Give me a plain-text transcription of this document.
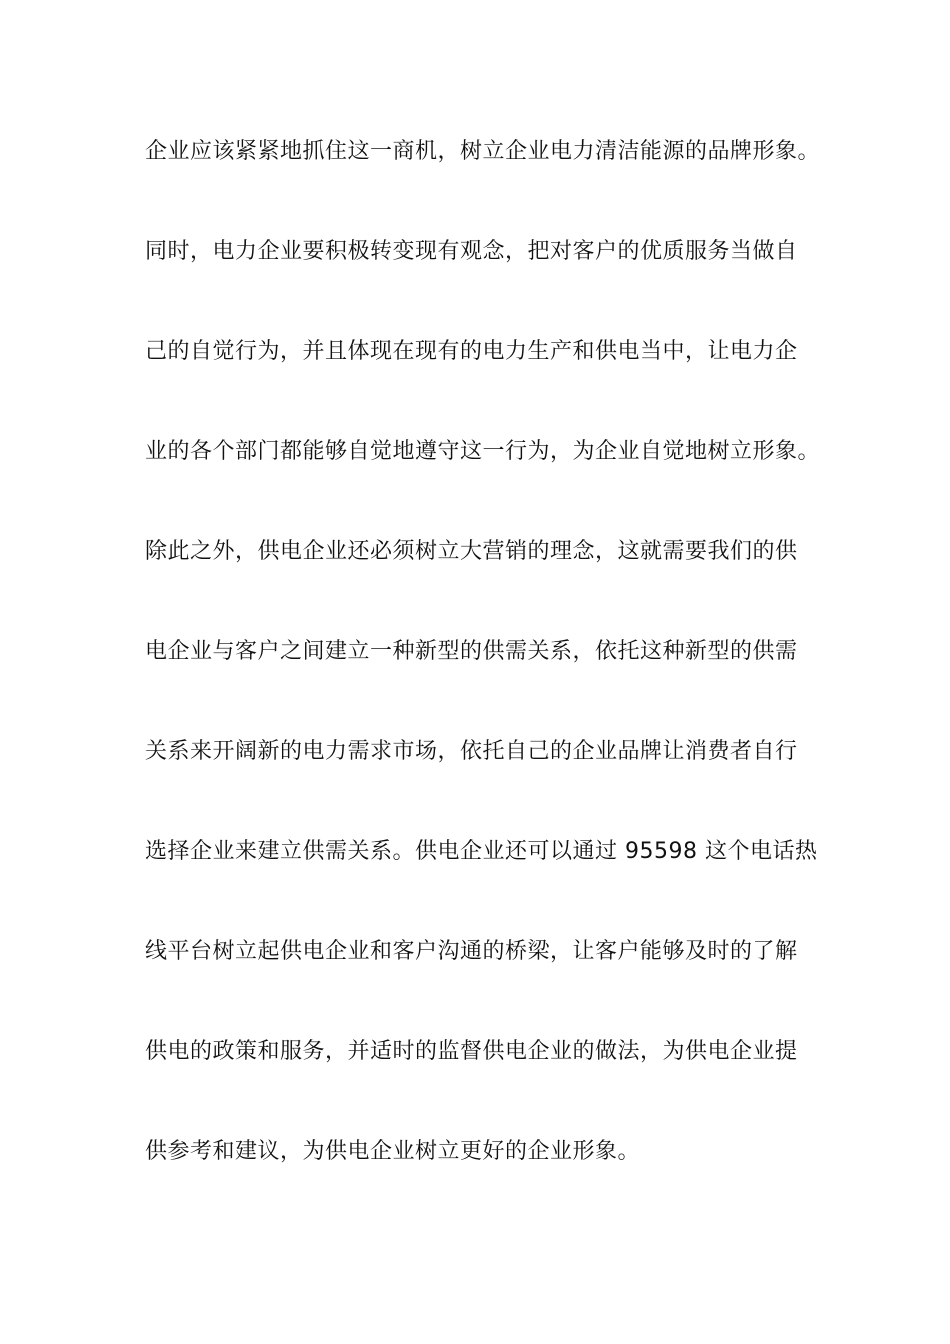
企业应该紧紧地抓住这一商机，树立企业电力清洁能源的品牌形象。
同时，电力企业要积极转变现有观念，把对客户的优质服务当做自
己的自觉行为，并且体现在现有的电力生产和供电当中，让电力企
业的各个部门都能够自觉地遵守这一行为，为企业自觉地树立形象。
除此之外，供电企业还必须树立大营销的理念，这就需要我们的供
电企业与客户之间建立一种新型的供需关系，依托这种新型的供需
关系来开阔新的电力需求市场，依托自己的企业品牌让消费者自行
选择企业来建立供需关系。供电企业还可以通过 95598 这个电话热
线平台树立起供电企业和客户沟通的桥梁，让客户能够及时的了解
供电的政策和服务，并适时的监督供电企业的做法，为供电企业提
供参考和建议，为供电企业树立更好的企业形象。
